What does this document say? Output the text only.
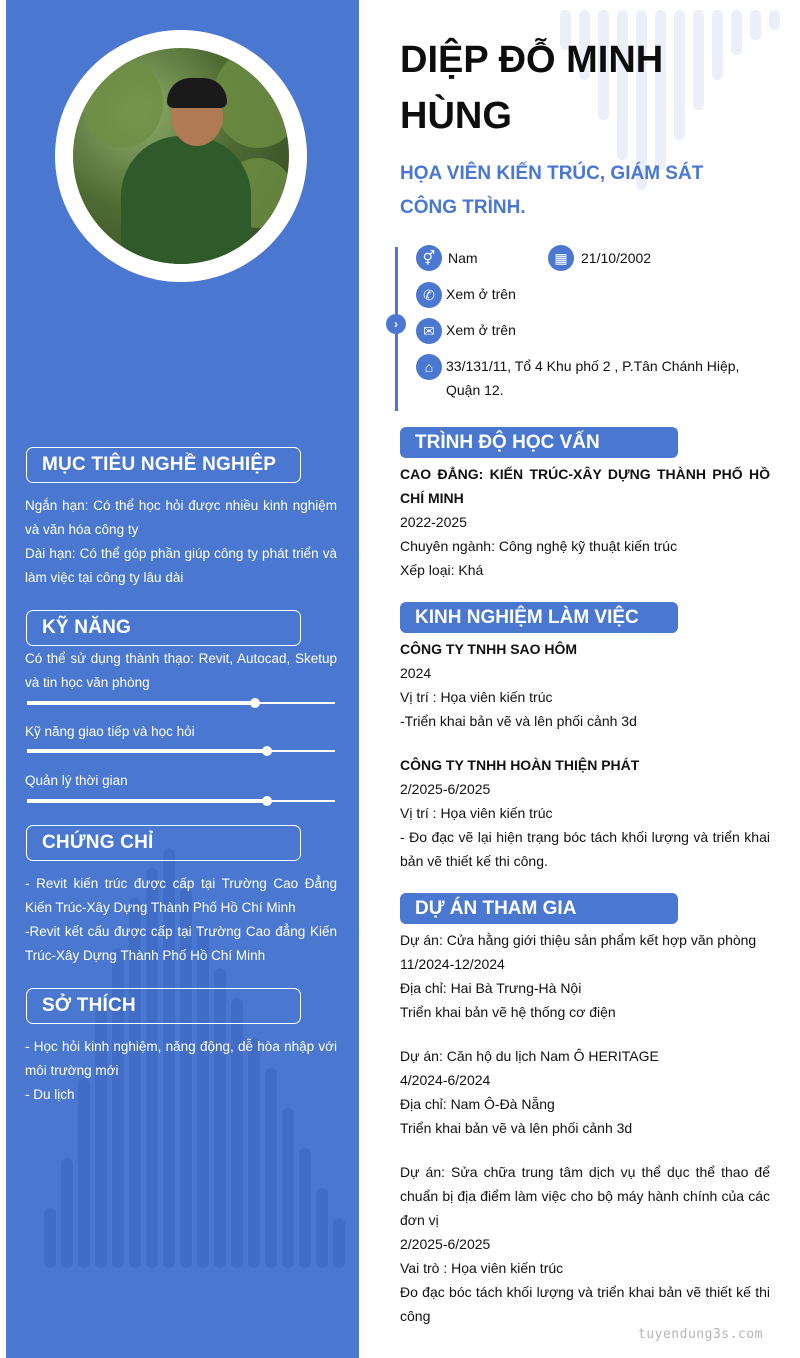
MỤC TIÊU NGHỀ NGHIỆP
Ngắn hạn: Có thể học hỏi được nhiều kinh nghiệm và văn hóa công ty
Dài hạn: Có thể góp phần giúp công ty phát triển và làm việc tại công ty lâu dài
KỸ NĂNG
Có thể sử dụng thành thạo: Revit, Autocad, Sketup và tin học văn phòng
Kỹ năng giao tiếp và học hỏi
Quản lý thời gian
CHỨNG CHỈ
- Revit kiến trúc được cấp tại Trường Cao Đẳng Kiến Trúc-Xây Dựng Thành Phố Hồ Chí Minh
-Revit kết cấu được cấp tại Trường Cao đẳng Kiến Trúc-Xây Dựng Thành Phố Hồ Chí Minh
SỞ THÍCH
- Học hỏi kinh nghiệm, năng động, dễ hòa nhập với môi trường mới
- Du lịch
DIỆP ĐỖ MINH HÙNG
HỌA VIÊN KIẾN TRÚC, GIÁM SÁT CÔNG TRÌNH.
›
⚥ Nam	▦ 21/10/2002
✆ Xem ở trên
✉ Xem ở trên
⌂ 33/131/11, Tổ 4 Khu phố 2 , P.Tân Chánh Hiệp,
Quận 12.
TRÌNH ĐỘ HỌC VẤN
CAO ĐẲNG: KIẾN TRÚC-XÂY DỰNG THÀNH PHỐ HỒ CHÍ MINH
2022-2025
Chuyên ngành: Công nghệ kỹ thuật kiến trúc
Xếp loại: Khá
KINH NGHIỆM LÀM VIỆC
CÔNG TY TNHH SAO HÔM
2024
Vị trí : Họa viên kiến trúc
-Triển khai bản vẽ và lên phối cảnh 3d
CÔNG TY TNHH HOÀN THIỆN PHÁT
2/2025-6/2025
Vị trí : Họa viên kiến trúc
- Đo đạc vẽ lại hiện trạng bóc tách khối lượng và triển khai bản vẽ thiết kế thi công.
DỰ ÁN THAM GIA
Dự án: Cửa hằng giới thiệu sản phẩm kết hợp văn phòng
11/2024-12/2024
Địa chỉ: Hai Bà Trưng-Hà Nội
Triển khai bản vẽ hệ thống cơ điện
Dự án: Căn hộ du lịch Nam Ô HERITAGE
4/2024-6/2024
Địa chỉ: Nam Ô-Đà Nẵng
Triển khai bản vẽ và lên phối cảnh 3d
Dự án: Sửa chữa trung tâm dịch vụ thể dục thể thao để chuẩn bị địa điểm làm việc cho bộ máy hành chính của các đơn vị
2/2025-6/2025
Vai trò : Họa viên kiến trúc
Đo đạc bóc tách khối lượng và triển khai bản vẽ thiết kế thi công
tuyendung3s.com
